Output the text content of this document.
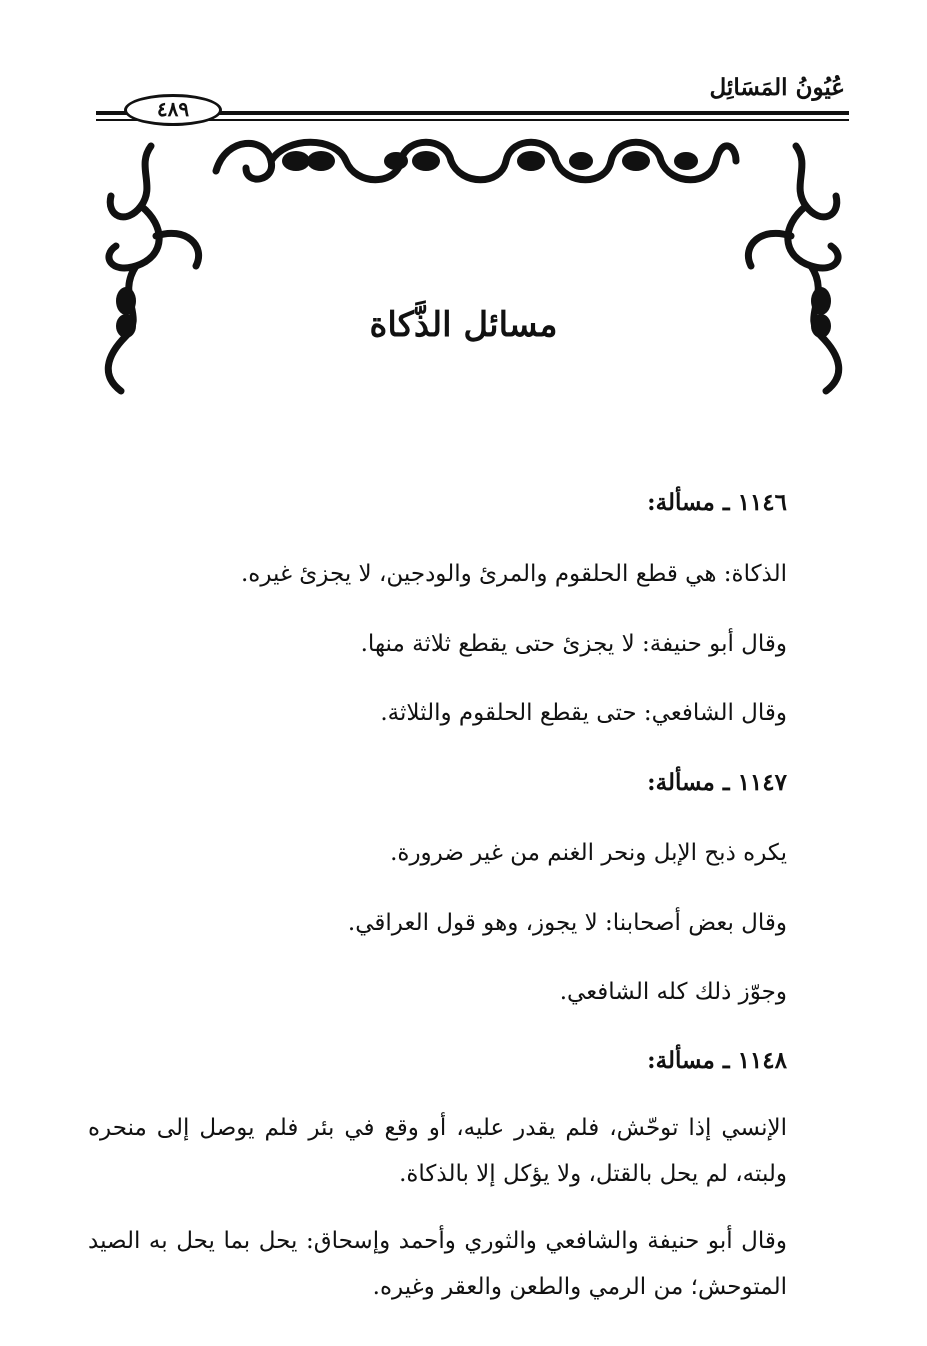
عُيُونُ المَسَائِل
٤٨٩
مسائل الذَّكاة
١١٤٦ ـ مسألة:
الذكاة: هي قطع الحلقوم والمرئ والودجين، لا يجزئ غيره.
وقال أبو حنيفة: لا يجزئ حتى يقطع ثلاثة منها.
وقال الشافعي: حتى يقطع الحلقوم والثلاثة.
١١٤٧ ـ مسألة:
يكره ذبح الإبل ونحر الغنم من غير ضرورة.
وقال بعض أصحابنا: لا يجوز، وهو قول العراقي.
وجوّز ذلك كله الشافعي.
١١٤٨ ـ مسألة:
الإنسي إذا توحّش، فلم يقدر عليه، أو وقع في بئر فلم يوصل إلى منحره ولبته، لم يحل بالقتل، ولا يؤكل إلا بالذكاة.
وقال أبو حنيفة والشافعي والثوري وأحمد وإسحاق: يحل بما يحل به الصيد المتوحش؛ من الرمي والطعن والعقر وغيره.
